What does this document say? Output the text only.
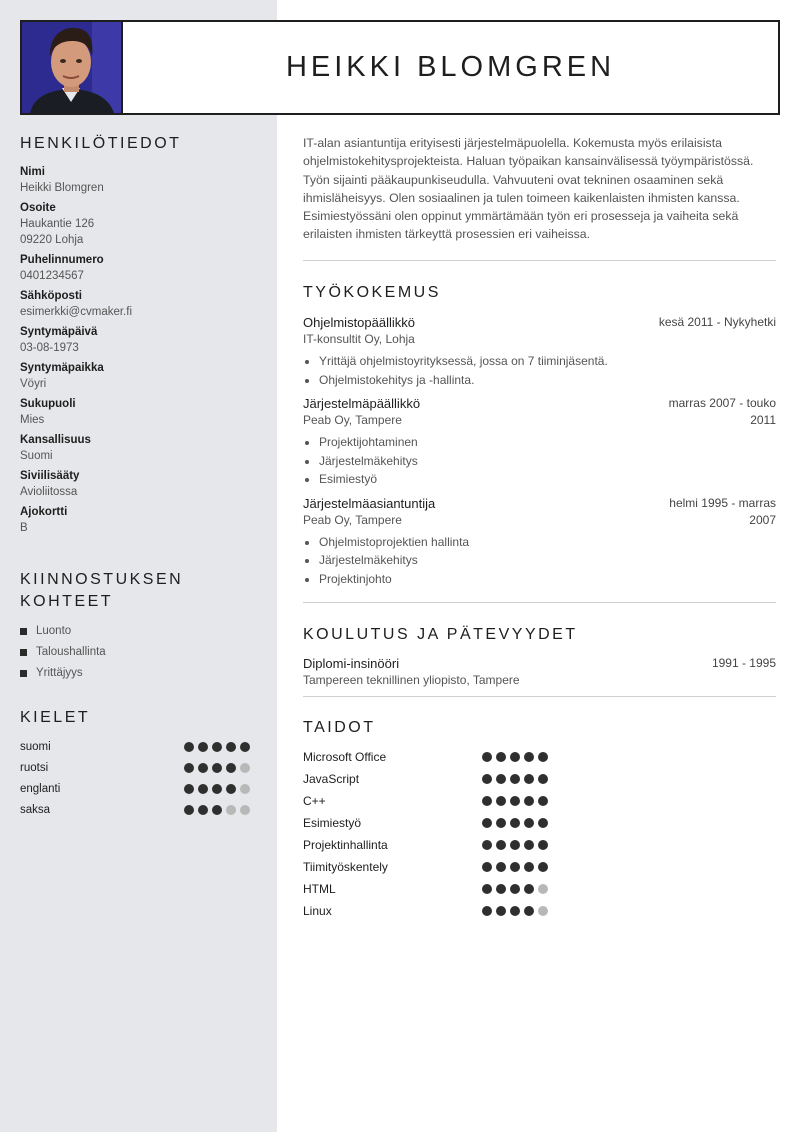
HEIKKI BLOMGREN
HENKILÖTIEDOT
Nimi
Heikki Blomgren
Osoite
Haukantie 126
09220 Lohja
Puhelinnumero
0401234567
Sähköposti
esimerkki@cvmaker.fi
Syntymäpäivä
03-08-1973
Syntymäpaikka
Vöyri
Sukupuoli
Mies
Kansallisuus
Suomi
Siviilisääty
Avioliitossa
Ajokortti
B
KIINNOSTUKSEN
KOHTEET
Luonto
Taloushallinta
Yrittäjyys
KIELET
suomi
ruotsi
englanti
saksa

IT-alan asiantuntija erityisesti järjestelmäpuolella. Kokemusta myös erilaisista ohjelmistokehitysprojekteista. Haluan työpaikan kansainvälisessä työympäristössä. Työn sijainti pääkaupunkiseudulla. Vahvuuteni ovat tekninen osaaminen sekä ihmisläheisyys. Olen sosiaalinen ja tulen toimeen kaikenlaisten ihmisten kanssa. Esimiestyössäni olen oppinut ymmärtämään työn eri prosesseja ja vaiheita sekä erilaisten ihmisten tärkeyttä prosessien eri vaiheissa.

TYÖKOKEMUS
Ohjelmistopäällikkö
IT-konsultit Oy, Lohja
kesä 2011 - Nykyhetki
• Yrittäjä ohjelmistoyrityksessä, jossa on 7 tiiminjäsentä.
• Ohjelmistokehitys ja -hallinta.
Järjestelmäpäällikkö
Peab Oy, Tampere
marras 2007 - touko
2011
• Projektijohtaminen
• Järjestelmäkehitys
• Esimiestyö
Järjestelmäasiantuntija
Peab Oy, Tampere
helmi 1995 - marras
2007
• Ohjelmistoprojektien hallinta
• Järjestelmäkehitys
• Projektinjohto
KOULUTUS JA PÄTEVYYDET
Diplomi-insinööri	1991 - 1995
Tampereen teknillinen yliopisto, Tampere
TAIDOT
Microsoft Office
JavaScript
C++
Esimiestyö
Projektinhallinta
Tiimityöskentely
HTML
Linux
